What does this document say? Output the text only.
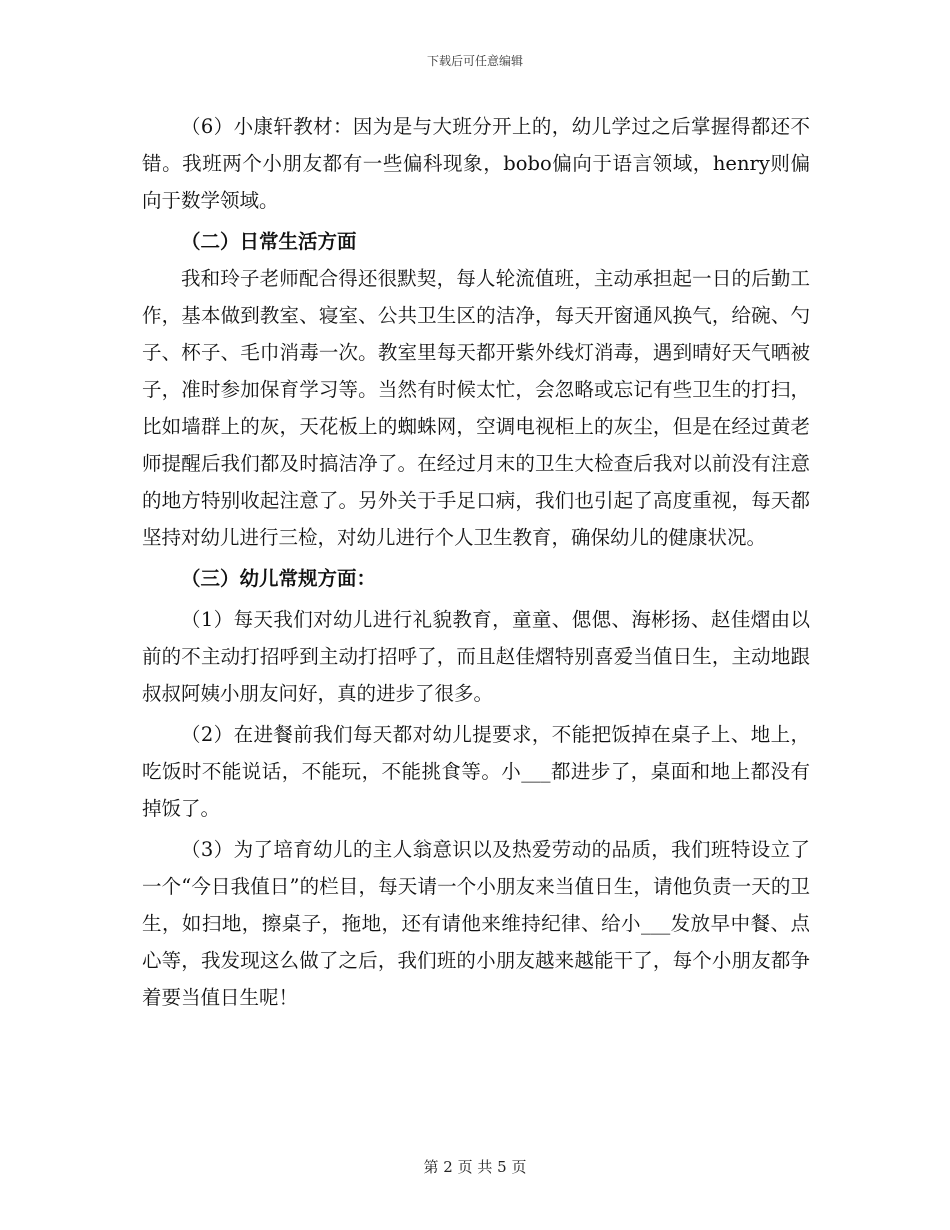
下载后可任意编辑

（6）小康轩教材：因为是与大班分开上的，幼儿学过之后掌握得都还不错。我班两个小朋友都有一些偏科现象，bobo偏向于语言领域，henry则偏向于数学领域。

（二）日常生活方面

我和玲子老师配合得还很默契，每人轮流值班，主动承担起一日的后勤工作，基本做到教室、寝室、公共卫生区的洁净，每天开窗通风换气，给碗、勺子、杯子、毛巾消毒一次。教室里每天都开紫外线灯消毒，遇到晴好天气晒被子，准时参加保育学习等。当然有时候太忙，会忽略或忘记有些卫生的打扫，比如墙群上的灰，天花板上的蜘蛛网，空调电视柜上的灰尘，但是在经过黄老师提醒后我们都及时搞洁净了。在经过月末的卫生大检查后我对以前没有注意的地方特别收起注意了。另外关于手足口病，我们也引起了高度重视，每天都坚持对幼儿进行三检，对幼儿进行个人卫生教育，确保幼儿的健康状况。

（三）幼儿常规方面：

（1）每天我们对幼儿进行礼貌教育，童童、偲偲、海彬扬、赵佳熠由以前的不主动打招呼到主动打招呼了，而且赵佳熠特别喜爱当值日生，主动地跟叔叔阿姨小朋友问好，真的进步了很多。

（2）在进餐前我们每天都对幼儿提要求，不能把饭掉在桌子上、地上，吃饭时不能说话，不能玩，不能挑食等。小___都进步了，桌面和地上都没有掉饭了。

（3）为了培育幼儿的主人翁意识以及热爱劳动的品质，我们班特设立了一个“今日我值日”的栏目，每天请一个小朋友来当值日生，请他负责一天的卫生，如扫地，擦桌子，拖地，还有请他来维持纪律、给小___发放早中餐、点心等，我发现这么做了之后，我们班的小朋友越来越能干了，每个小朋友都争着要当值日生呢！

第 2 页 共 5 页
